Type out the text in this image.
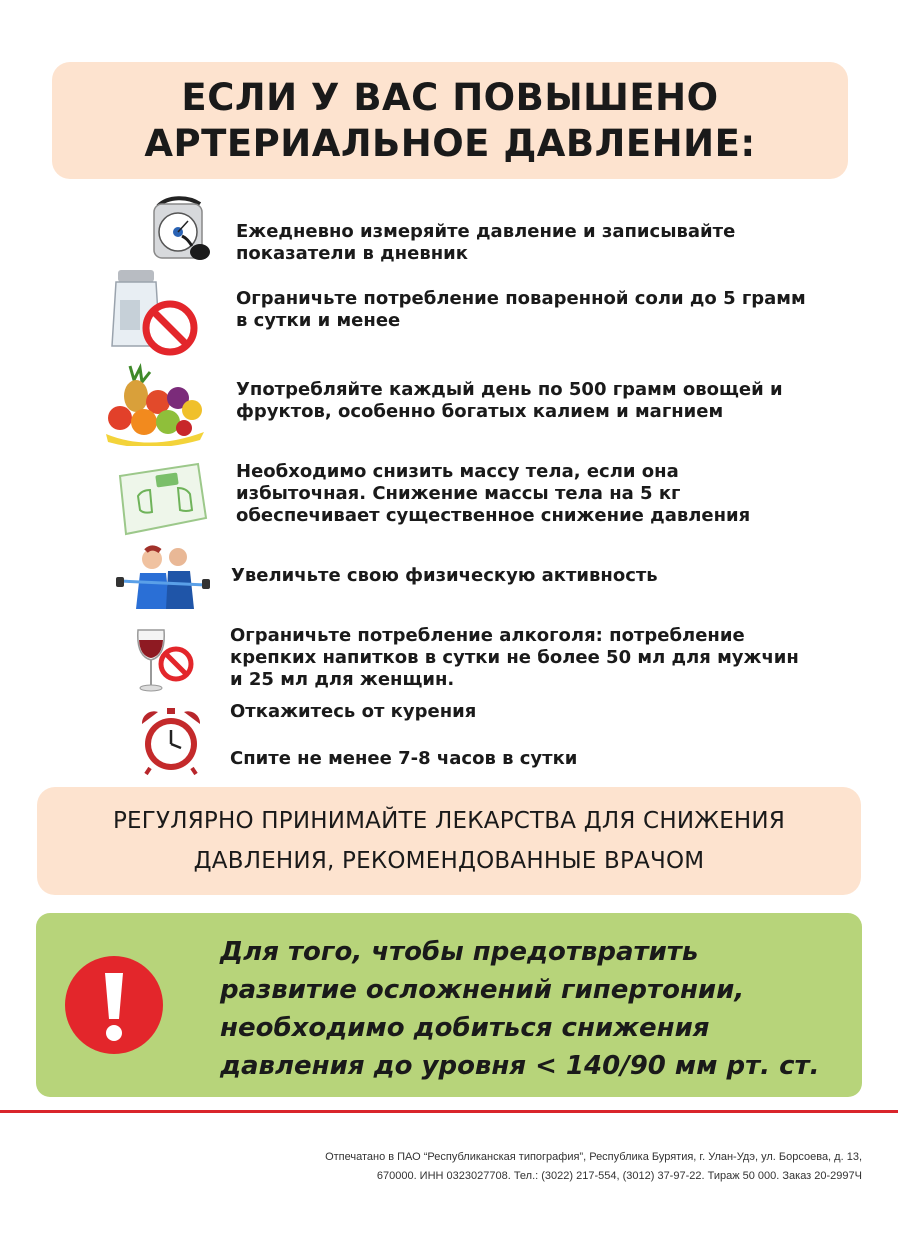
ЕСЛИ У ВАС ПОВЫШЕНО
АРТЕРИАЛЬНОЕ ДАВЛЕНИЕ:
Ежедневно измеряйте давление и записывайте
показатели в дневник
Ограничьте потребление поваренной соли до 5 грамм
в сутки и менее
Употребляйте каждый день по 500 грамм овощей и
фруктов, особенно богатых калием и магнием
Необходимо снизить массу тела, если она
избыточная. Снижение массы тела на 5 кг
обеспечивает существенное снижение давления
Увеличьте свою физическую активность
Ограничьте потребление алкоголя: потребление
крепких напитков в сутки не более 50 мл для мужчин
и 25 мл для женщин.
Откажитесь от курения
Спите не менее 7-8 часов в сутки
РЕГУЛЯРНО ПРИНИМАЙТЕ ЛЕКАРСТВА ДЛЯ СНИЖЕНИЯ
ДАВЛЕНИЯ, РЕКОМЕНДОВАННЫЕ ВРАЧОМ
Для того, чтобы предотвратить
развитие осложнений гипертонии,
необходимо добиться снижения
давления до уровня < 140/90 мм рт. ст.
Отпечатано в ПАО “Республиканская типография”, Республика Бурятия, г. Улан-Удэ, ул. Борсоева, д. 13,
670000. ИНН 0323027708. Тел.: (3022) 217-554, (3012) 37-97-22. Тираж 50 000. Заказ 20-2997Ч
